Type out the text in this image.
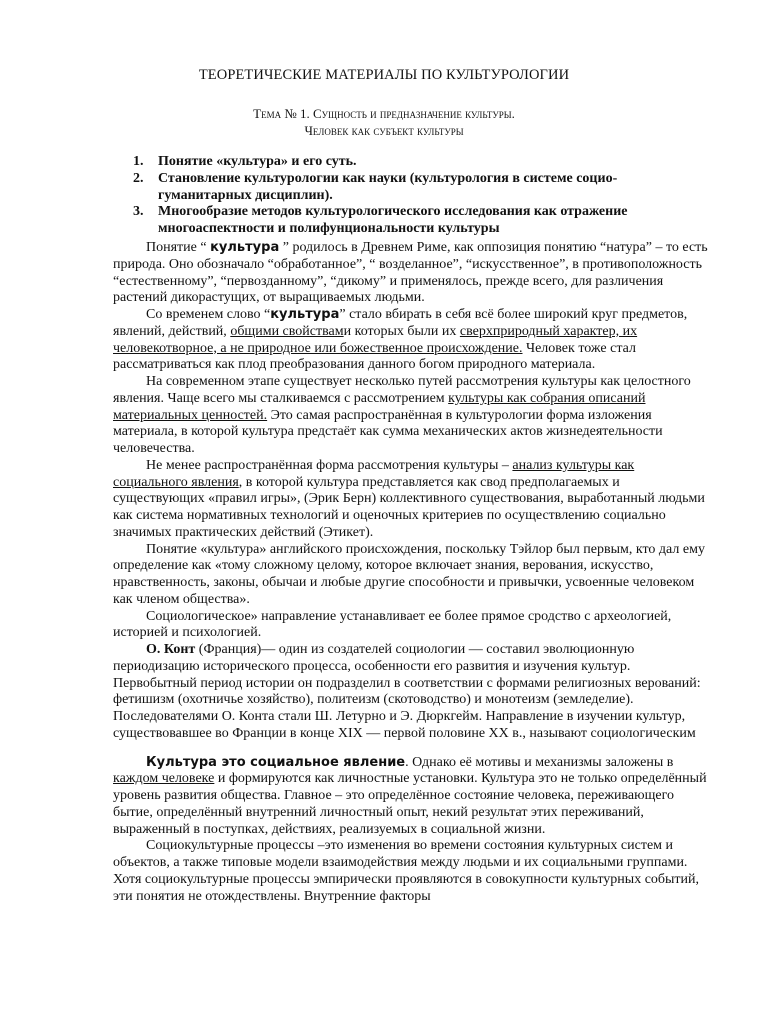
ТЕОРЕТИЧЕСКИЕ МАТЕРИАЛЫ ПО КУЛЬТУРОЛОГИИ
Тема № 1. Сущность и предназначение культуры.
Человек как субъект культуры
1. Понятие «культура» и его суть.
2. Становление культурологии как науки (культурология в системе социо-гуманитарных дисциплин).
3. Многообразие методов культурологического исследования как отражение многоаспектности и полифунциональности культуры

Понятие “ культура ” родилось в Древнем Риме, как оппозиция понятию “натура” – то есть природа. Оно обозначало “обработанное”, “ возделанное”, “искусственное”, в противоположность “естественному”, “первозданному”, “дикому” и применялось, прежде всего, для различения растений дикорастущих, от выращиваемых людьми.

Со временем слово “культура” стало вбирать в себя всё более широкий круг предметов, явлений, действий, общими свойствами которых были их сверхприродный характер, их человекотворное, а не природное или божественное происхождение. Человек тоже стал рассматриваться как плод преобразования данного богом природного материала.

На современном этапе существует несколько путей рассмотрения культуры как целостного явления. Чаще всего мы сталкиваемся с рассмотрением культуры как собрания описаний материальных ценностей. Это самая распространённая в культурологии форма изложения материала, в которой культура предстаёт как сумма механических актов жизнедеятельности человечества.

Не менее распространённая форма рассмотрения культуры – анализ культуры как социального явления, в которой культура представляется как свод предполагаемых и существующих «правил игры», (Эрик Берн) коллективного существования, выработанный людьми как система нормативных технологий и оценочных критериев по осуществлению социально значимых практических действий (Этикет).

Понятие «культура» английского происхождения, поскольку Тэйлор был первым, кто дал ему определение как «тому сложному целому, которое включает знания, верования, искусство, нравственность, законы, обычаи и любые другие способности и привычки, усвоенные человеком как членом общества».

Социологическое» направление устанавливает ее более прямое сродство с археологией, историей и психологией.

О. Конт (Франция)— один из создателей социологии — составил эволюционную периодизацию исторического процесса, особенности его развития и изучения культур. Первобытный период истории он подразделил в соответствии с формами религиозных верований: фетишизм (охотничье хозяйство), политеизм (скотоводство) и монотеизм (земледелие). Последователями О. Конта стали Ш. Летурно и Э. Дюркгейм. Направление в изучении культур, существовавшее во Франции в конце XIX — первой половине XX в., называют социологическим

Культура это социальное явление. Однако её мотивы и механизмы заложены в каждом человеке и формируются как личностные установки. Культура это не только определённый уровень развития общества. Главное – это определённое состояние человека, переживающего бытие, определённый внутренний личностный опыт, некий результат этих переживаний, выраженный в поступках, действиях, реализуемых в социальной жизни.

Социокультурные процессы –это изменения во времени состояния культурных систем и объектов, а также типовые модели взаимодействия между людьми и их социальными группами. Хотя социокультурные процессы эмпирически проявляются в совокупности культурных событий, эти понятия не отождествлены. Внутренние факторы
